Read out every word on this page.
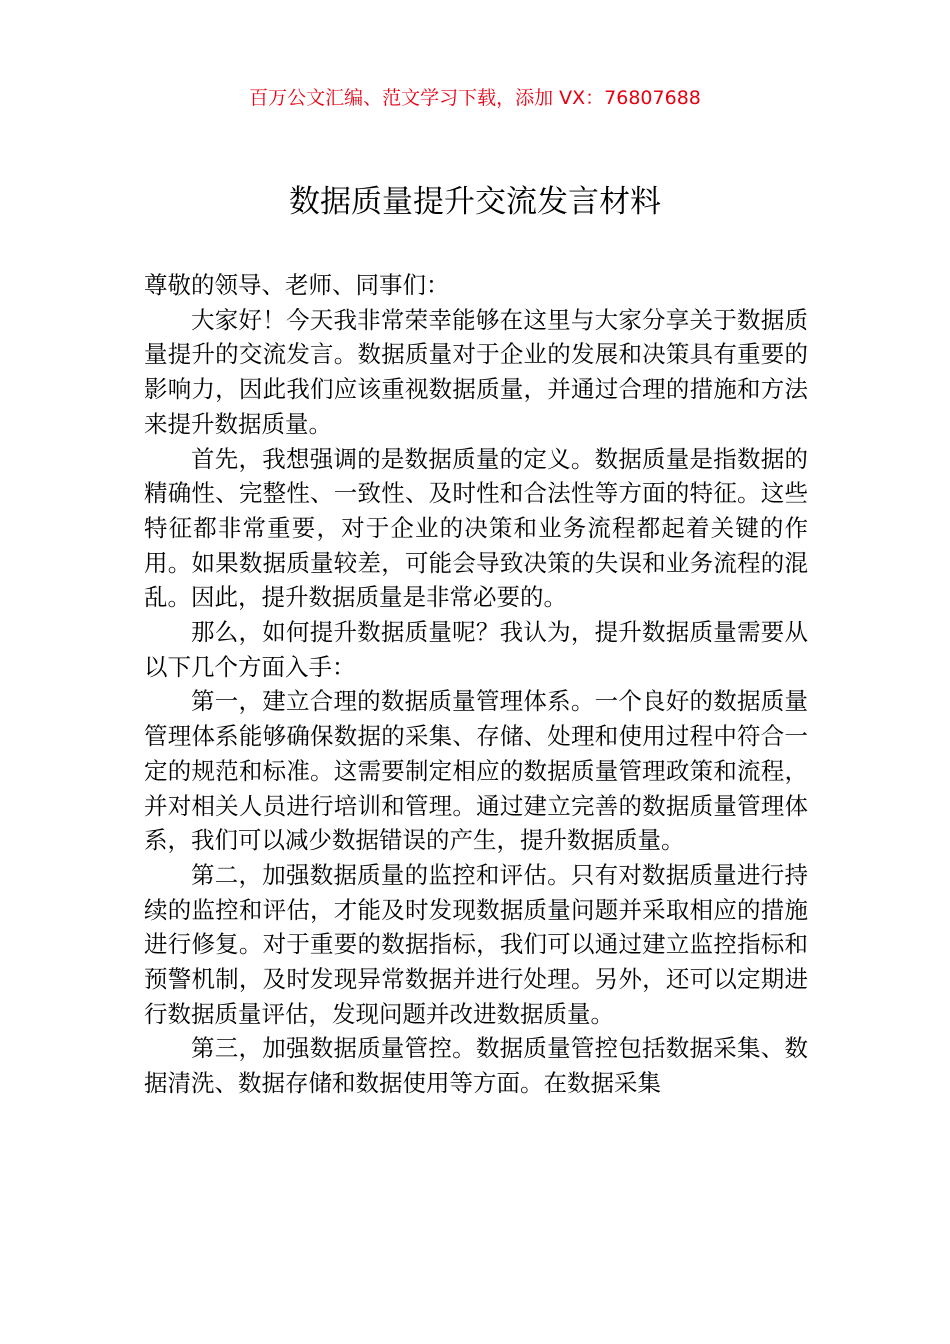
百万公文汇编、范文学习下载，添加 VX：76807688

数据质量提升交流发言材料

尊敬的领导、老师、同事们：

大家好！今天我非常荣幸能够在这里与大家分享关于数据质量提升的交流发言。数据质量对于企业的发展和决策具有重要的影响力，因此我们应该重视数据质量，并通过合理的措施和方法来提升数据质量。

首先，我想强调的是数据质量的定义。数据质量是指数据的精确性、完整性、一致性、及时性和合法性等方面的特征。这些特征都非常重要，对于企业的决策和业务流程都起着关键的作用。如果数据质量较差，可能会导致决策的失误和业务流程的混乱。因此，提升数据质量是非常必要的。

那么，如何提升数据质量呢？我认为，提升数据质量需要从以下几个方面入手：

第一，建立合理的数据质量管理体系。一个良好的数据质量管理体系能够确保数据的采集、存储、处理和使用过程中符合一定的规范和标准。这需要制定相应的数据质量管理政策和流程，并对相关人员进行培训和管理。通过建立完善的数据质量管理体系，我们可以减少数据错误的产生，提升数据质量。

第二，加强数据质量的监控和评估。只有对数据质量进行持续的监控和评估，才能及时发现数据质量问题并采取相应的措施进行修复。对于重要的数据指标，我们可以通过建立监控指标和预警机制，及时发现异常数据并进行处理。另外，还可以定期进行数据质量评估，发现问题并改进数据质量。

第三，加强数据质量管控。数据质量管控包括数据采集、数据清洗、数据存储和数据使用等方面。在数据采集
